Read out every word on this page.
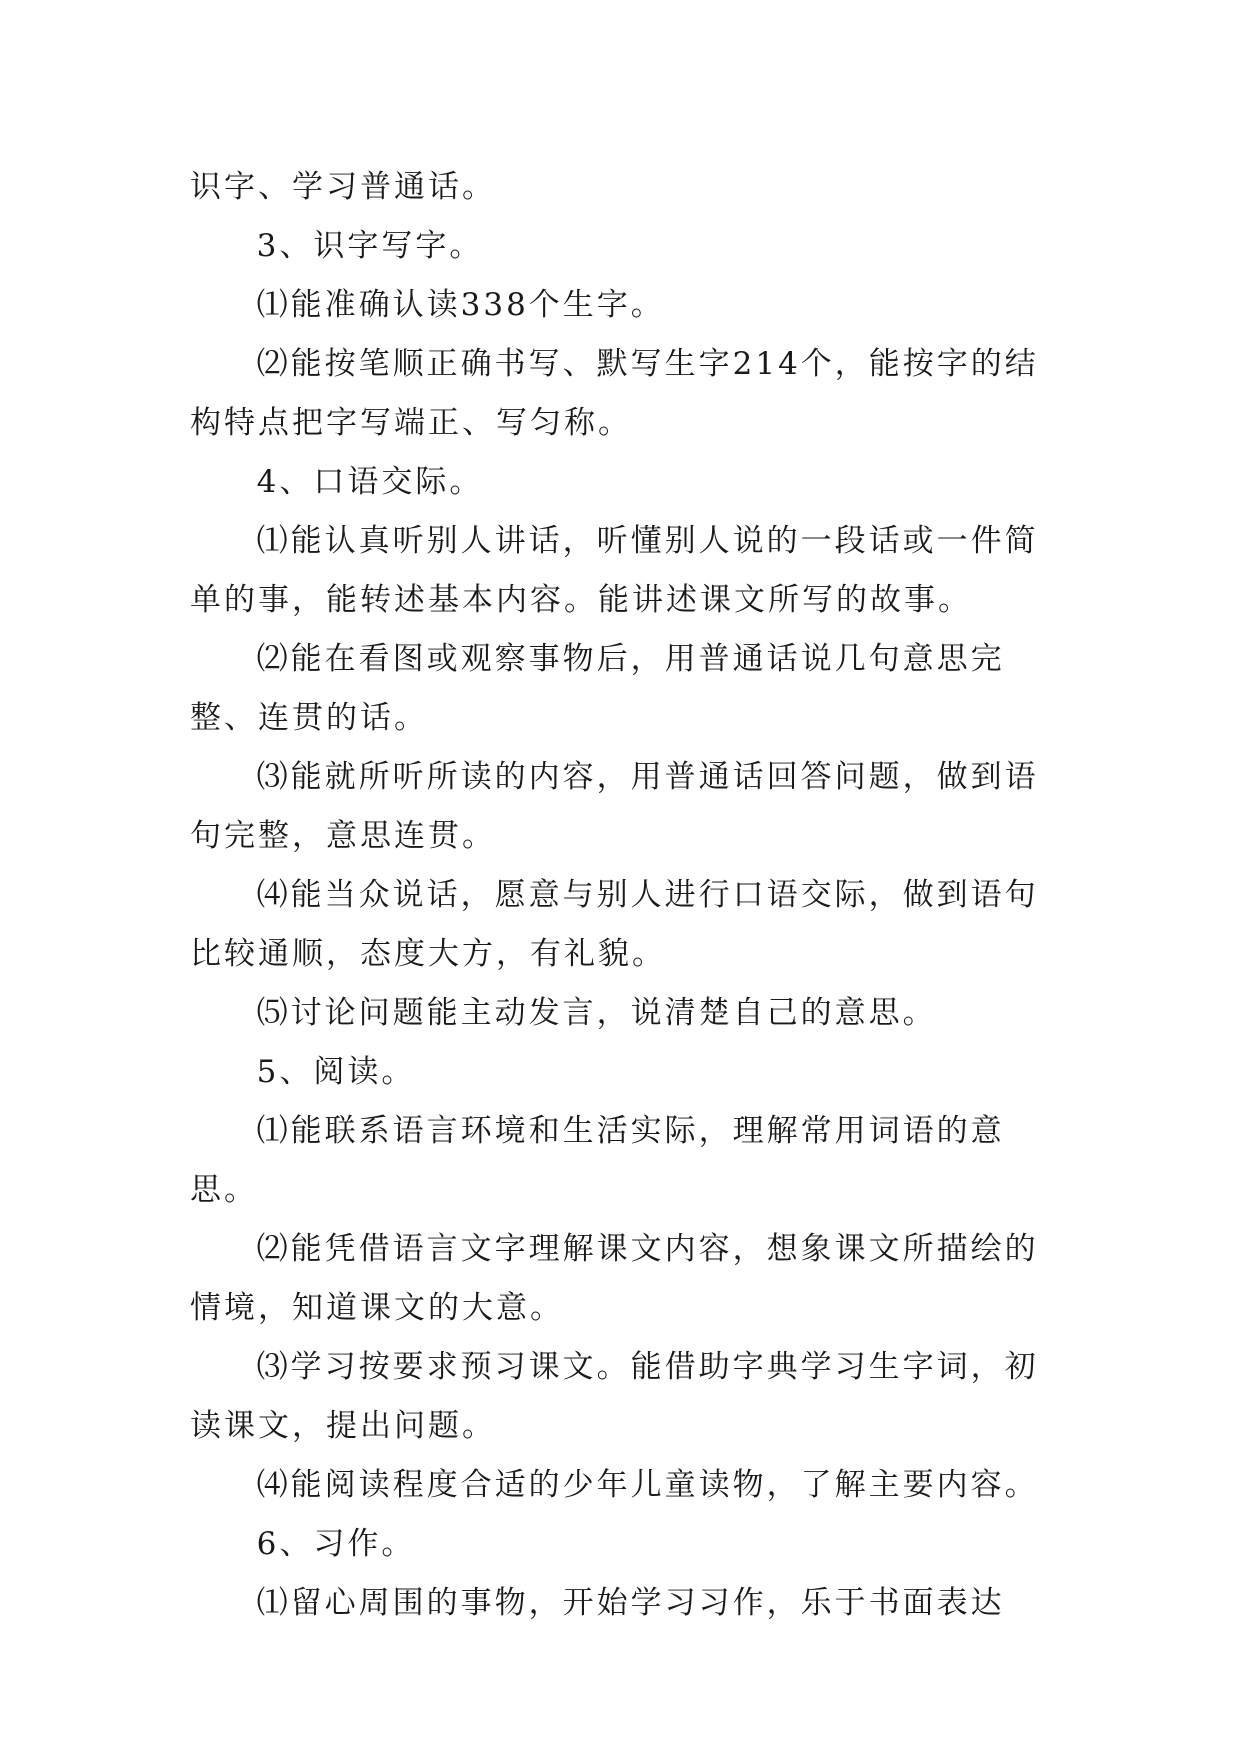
识字、学习普通话。

3、识字写字。

⑴能准确认读338个生字。

⑵能按笔顺正确书写、默写生字214个，能按字的结构特点把字写端正、写匀称。

4、口语交际。

⑴能认真听别人讲话，听懂别人说的一段话或一件简单的事，能转述基本内容。能讲述课文所写的故事。

⑵能在看图或观察事物后，用普通话说几句意思完整、连贯的话。

⑶能就所听所读的内容，用普通话回答问题，做到语句完整，意思连贯。

⑷能当众说话，愿意与别人进行口语交际，做到语句比较通顺，态度大方，有礼貌。

⑸讨论问题能主动发言，说清楚自己的意思。

5、阅读。

⑴能联系语言环境和生活实际，理解常用词语的意思。

⑵能凭借语言文字理解课文内容，想象课文所描绘的情境，知道课文的大意。

⑶学习按要求预习课文。能借助字典学习生字词，初读课文，提出问题。

⑷能阅读程度合适的少年儿童读物，了解主要内容。

6、习作。

⑴留心周围的事物，开始学习习作，乐于书面表达
